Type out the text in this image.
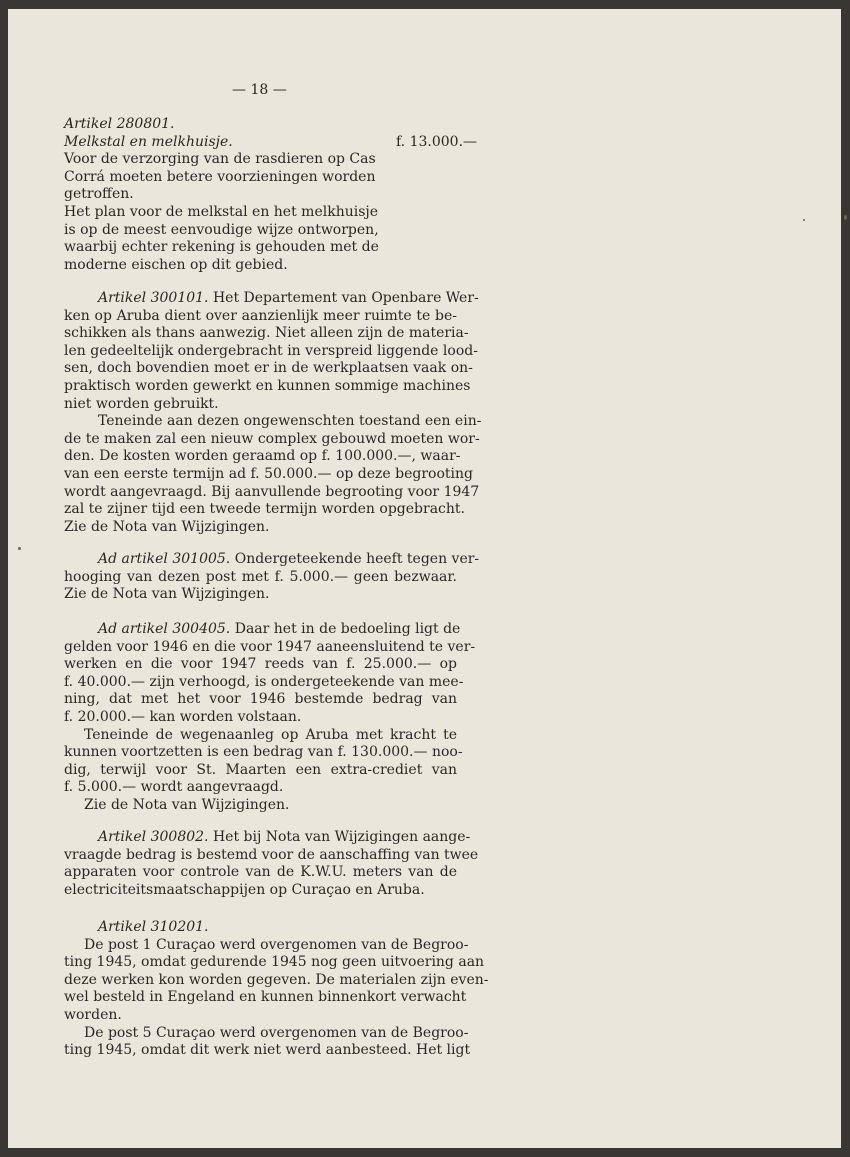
— 18 —
f. 13.000.—
Artikel 280801.
Melkstal en melkhuisje.
Voor de verzorging van de rasdieren op Cas
Corrá moeten betere voorzieningen worden
getroffen.
Het plan voor de melkstal en het melkhuisje
is op de meest eenvoudige wijze ontworpen,
waarbij echter rekening is gehouden met de
moderne eischen op dit gebied.
Artikel 300101. Het Departement van Openbare Wer-
ken op Aruba dient over aanzienlijk meer ruimte te be-
schikken als thans aanwezig. Niet alleen zijn de materia-
len gedeeltelijk ondergebracht in verspreid liggende lood-
sen, doch bovendien moet er in de werkplaatsen vaak on-
praktisch worden gewerkt en kunnen sommige machines
niet worden gebruikt.
Teneinde aan dezen ongewenschten toestand een ein-
de te maken zal een nieuw complex gebouwd moeten wor-
den. De kosten worden geraamd op f. 100.000.—, waar-
van een eerste termijn ad f. 50.000.— op deze begrooting
wordt aangevraagd. Bij aanvullende begrooting voor 1947
zal te zijner tijd een tweede termijn worden opgebracht.
Zie de Nota van Wijzigingen.
Ad artikel 301005. Ondergeteekende heeft tegen ver-
hooging van dezen post met f. 5.000.— geen bezwaar.
Zie de Nota van Wijzigingen.
Ad artikel 300405. Daar het in de bedoeling ligt de
gelden voor 1946 en die voor 1947 aaneensluitend te ver-
werken en die voor 1947 reeds van f. 25.000.— op
f. 40.000.— zijn verhoogd, is ondergeteekende van mee-
ning, dat met het voor 1946 bestemde bedrag van
f. 20.000.— kan worden volstaan.
Teneinde de wegenaanleg op Aruba met kracht te
kunnen voortzetten is een bedrag van f. 130.000.— noo-
dig, terwijl voor St. Maarten een extra-crediet van
f. 5.000.— wordt aangevraagd.
Zie de Nota van Wijzigingen.
Artikel 300802. Het bij Nota van Wijzigingen aange-
vraagde bedrag is bestemd voor de aanschaffing van twee
apparaten voor controle van de K.W.U. meters van de
electriciteitsmaatschappijen op Curaçao en Aruba.
Artikel 310201.
De post 1 Curaçao werd overgenomen van de Begroo-
ting 1945, omdat gedurende 1945 nog geen uitvoering aan
deze werken kon worden gegeven. De materialen zijn even-
wel besteld in Engeland en kunnen binnenkort verwacht
worden.
De post 5 Curaçao werd overgenomen van de Begroo-
ting 1945, omdat dit werk niet werd aanbesteed. Het ligt
